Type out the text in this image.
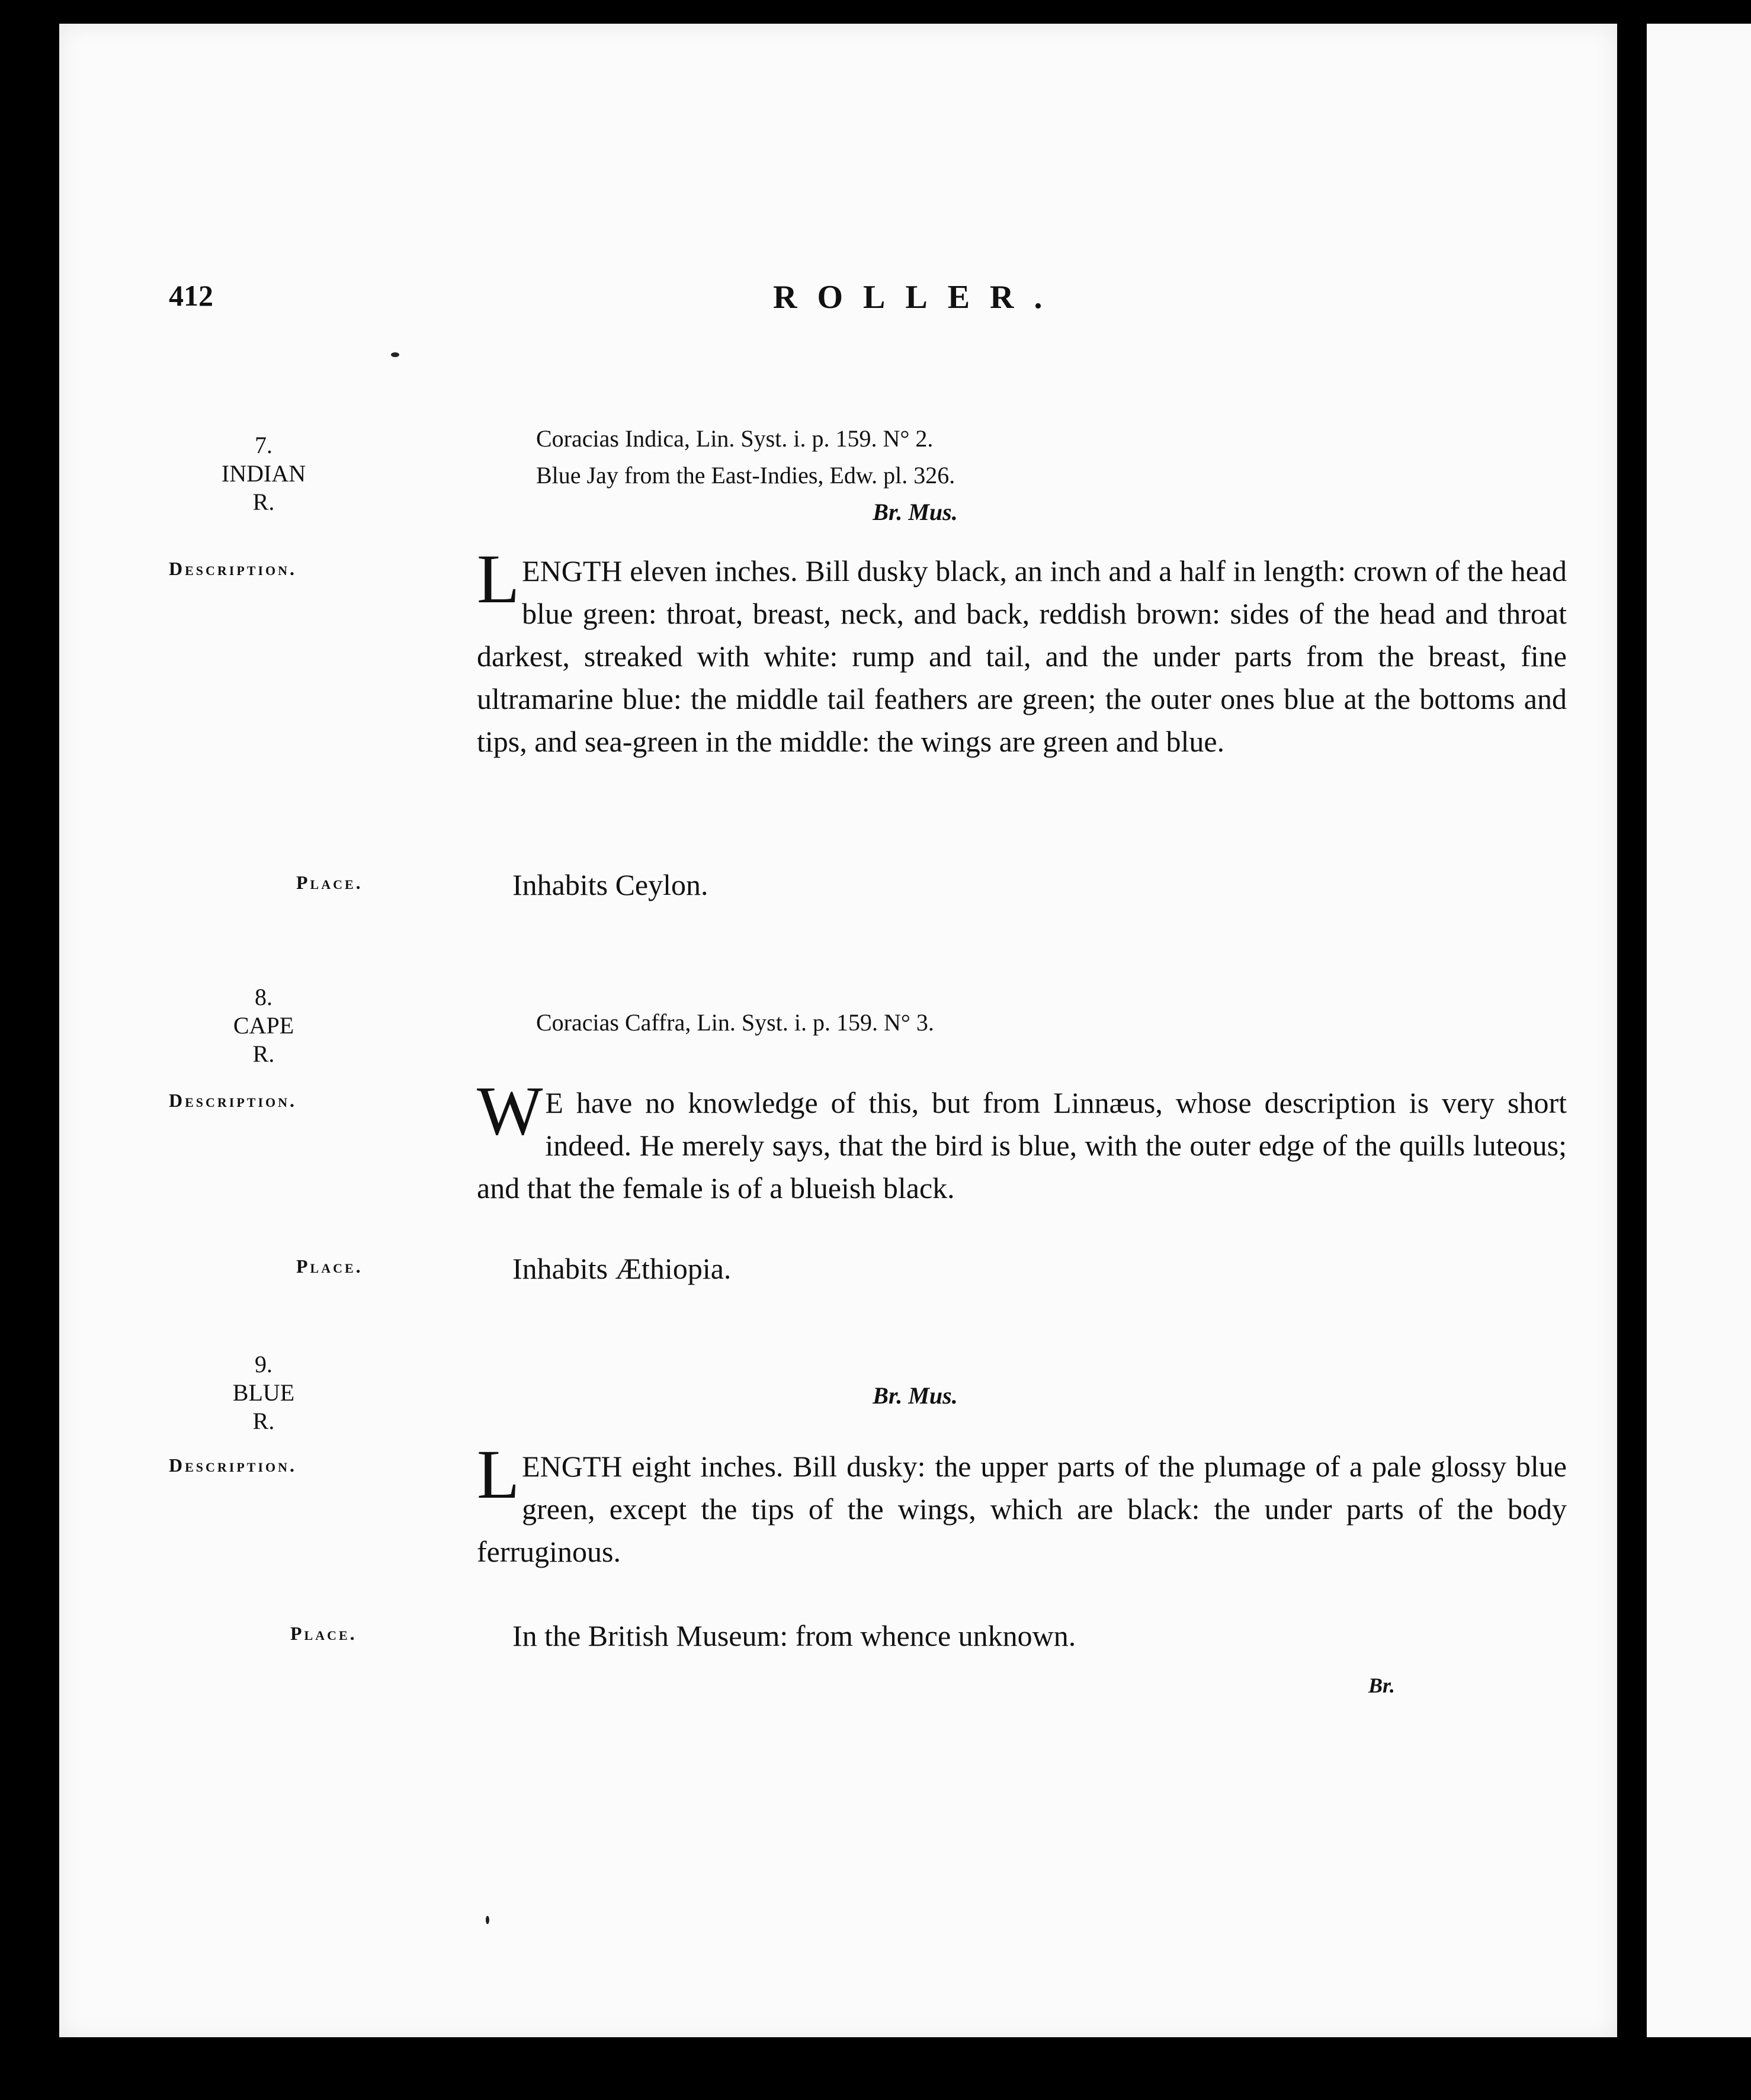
412	ROLLER.
7.
INDIAN
R.
Coracias Indica, Lin. Syst. i. p. 159. N° 2.
Blue Jay from the East-Indies, Edw. pl. 326.
Br. Mus.
Description.	LENGTH eleven inches. Bill dusky black, an inch and a half in length: crown of the head blue green: throat, breast, neck, and back, reddish brown: sides of the head and throat darkest, streaked with white: rump and tail, and the under parts from the breast, fine ultramarine blue: the middle tail feathers are green; the outer ones blue at the bottoms and tips, and sea-green in the middle: the wings are green and blue.
Place.	Inhabits Ceylon.
8.
CAPE
R.
Coracias Caffra, Lin. Syst. i. p. 159. N° 3.
Description.	W E have no knowledge of this, but from Linnæus, whose description is very short indeed. He merely says, that the bird is blue, with the outer edge of the quills luteous; and that the female is of a blueish black.
Place.	Inhabits Æthiopia.
9.
BLUE
R.
Br. Mus.
Description.	LENGTH eight inches. Bill dusky: the upper parts of the plumage of a pale glossy blue green, except the tips of the wings, which are black: the under parts of the body ferruginous.
Place.	In the British Museum: from whence unknown.
Br.
